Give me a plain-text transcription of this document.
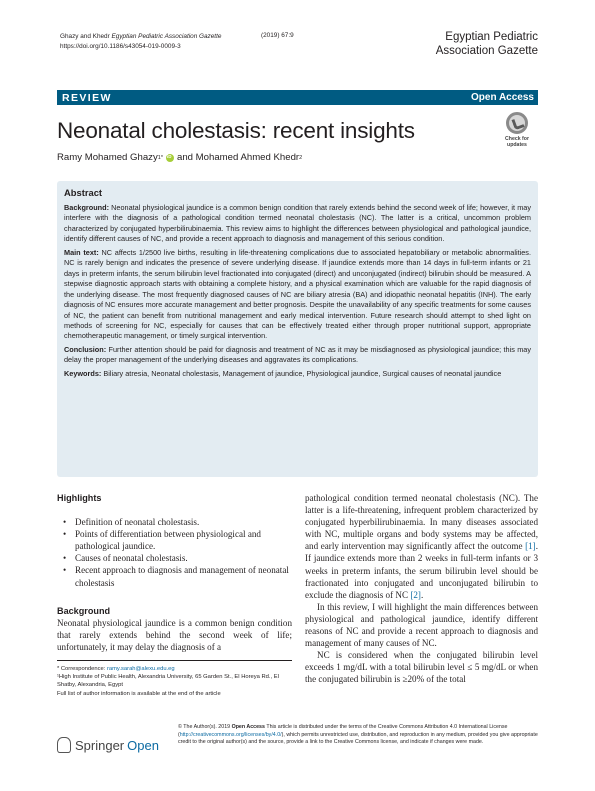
Ghazy and Khedr Egyptian Pediatric Association Gazette
https://doi.org/10.1186/s43054-019-0009-3
(2019) 67:9	Egyptian Pediatric
Association Gazette
REVIEW	Open Access
Neonatal cholestasis: recent insights	Check for
updates
Ramy Mohamed Ghazy 1*
iD and Mohamed Ahmed Khedr 2
Abstract

Background: Neonatal physiological jaundice is a common benign condition that rarely extends behind the second week of life; however, it may interfere with the diagnosis of a pathological condition termed neonatal cholestasis (NC). The latter is a critical, uncommon problem characterized by conjugated hyperbilirubinaemia. This review aims to highlight the differences between physiological and pathological jaundice, identify different causes of NC, and provide a recent approach to diagnosis and management of this serious condition.

Main text: NC affects 1/2500 live births, resulting in life-threatening complications due to associated hepatobiliary or metabolic abnormalities. NC is rarely benign and indicates the presence of severe underlying disease. If jaundice extends more than 14 days in full-term infants or 21 days in preterm infants, the serum bilirubin level fractionated into conjugated (direct) and unconjugated (indirect) bilirubin should be measured. A stepwise diagnostic approach starts with obtaining a complete history, and a physical examination which are valuable for the rapid diagnosis of the underlying disease. The most frequently diagnosed causes of NC are biliary atresia (BA) and idiopathic neonatal hepatitis (INH). The early diagnosis of NC ensures more accurate management and better prognosis. Despite the unavailability of any specific treatments for some causes of NC, the patient can benefit from nutritional management and early medical intervention. Future research should attempt to shed light on methods of screening for NC, especially for causes that can be effectively treated either through proper nutritional support, appropriate chemotherapeutic management, or timely surgical intervention.

Conclusion: Further attention should be paid for diagnosis and treatment of NC as it may be misdiagnosed as physiological jaundice; this may delay the proper management of the underlying diseases and aggravates its complications.

Keywords: Biliary atresia, Neonatal cholestasis, Management of jaundice, Physiological jaundice, Surgical causes of neonatal jaundice

Highlights
• Definition of neonatal cholestasis.
• Points of differentiation between physiological and pathological jaundice.
• Causes of neonatal cholestasis.
• Recent approach to diagnosis and management of neonatal cholestasis
Background

Neonatal physiological jaundice is a common benign condition that rarely extends behind the second week of life; unfortunately, it may delay the diagnosis of a

pathological condition termed neonatal cholestasis (NC). The latter is a life-threatening, infrequent problem characterized by conjugated hyperbilirubinaemia. In many diseases associated with NC, multiple organs and body systems may be affected, and early intervention may significantly affect the outcome [1]. If jaundice extends more than 2 weeks in full-term infants or 3 weeks in preterm infants, the serum bilirubin level should be fractionated into conjugated and unconjugated bilirubin to exclude the diagnosis of NC [2].

In this review, I will highlight the main differences between physiological and pathological jaundice, identify different reasons of NC and provide a recent approach to diagnosis and management of many causes of NC.

NC is considered when the conjugated bilirubin level exceeds 1 mg/dL with a total bilirubin level ≤ 5 mg/dL or when the conjugated bilirubin is ≥20% of the total

* Correspondence: ramy.sarah@alexu.edu.eg
¹High Institute of Public Health, Alexandria University, 65 Garden St., El Horeya Rd., El Shatby, Alexandria, Egypt
Full list of author information is available at the end of the article
Springer Open
© The Author(s). 2019 Open Access This article is distributed under the terms of the Creative Commons Attribution 4.0 International License (http://creativecommons.org/licenses/by/4.0/), which permits unrestricted use, distribution, and reproduction in any medium, provided you give appropriate credit to the original author(s) and the source, provide a link to the Creative Commons license, and indicate if changes were made.
